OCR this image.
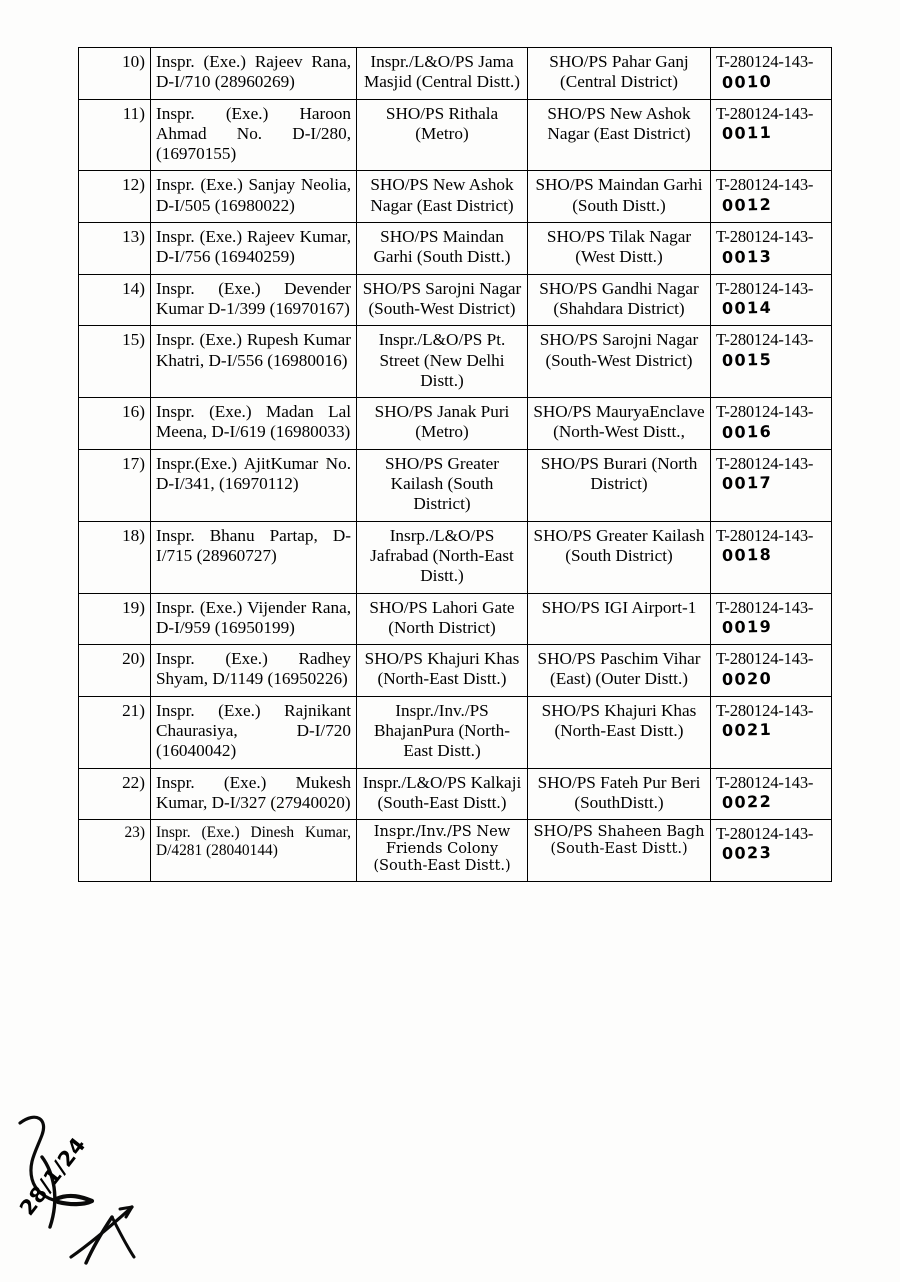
10)	Inspr. (Exe.) Rajeev Rana, D-I/710 (28960269)	Inspr./L&O/PS Jama Masjid (Central Distt.)	SHO/PS Pahar Ganj (Central District)	T-280124-143-
0010

11)	Inspr. (Exe.) Haroon Ahmad No. D-I/280, (16970155)	SHO/PS Rithala (Metro)	SHO/PS New Ashok Nagar (East District)	T-280124-143-
0011

12)	Inspr. (Exe.) Sanjay Neolia, D-I/505 (16980022)	SHO/PS New Ashok Nagar (East District)	SHO/PS Maindan Garhi (South Distt.)	T-280124-143-
0012

13)	Inspr. (Exe.) Rajeev Kumar, D-I/756 (16940259)	SHO/PS Maindan Garhi (South Distt.)	SHO/PS Tilak Nagar (West Distt.)	T-280124-143-
0013

14)	Inspr. (Exe.) Devender Kumar D-1/399 (16970167)	SHO/PS Sarojni Nagar (South-West District)	SHO/PS Gandhi Nagar (Shahdara District)	T-280124-143-
0014

15)	Inspr. (Exe.) Rupesh Kumar Khatri, D-I/556 (16980016)	Inspr./L&O/PS Pt. Street (New Delhi Distt.)	SHO/PS Sarojni Nagar (South-West District)	T-280124-143-
0015

16)	Inspr. (Exe.) Madan Lal Meena, D-I/619 (16980033)	SHO/PS Janak Puri (Metro)	SHO/PS MauryaEnclave (North-West Distt.,	T-280124-143-
0016

17)	Inspr.(Exe.) AjitKumar No. D-I/341, (16970112)	SHO/PS Greater Kailash (South District)	SHO/PS Burari (North District)	T-280124-143-
0017

18)	Inspr. Bhanu Partap, D-I/715 (28960727)	Insrp./L&O/PS Jafrabad (North-East Distt.)	SHO/PS Greater Kailash (South District)	T-280124-143-
0018

19)	Inspr. (Exe.) Vijender Rana, D-I/959 (16950199)	SHO/PS Lahori Gate (North District)	SHO/PS IGI Airport-1	T-280124-143-
0019

20)	Inspr. (Exe.) Radhey Shyam, D/1149 (16950226)	SHO/PS Khajuri Khas (North-East Distt.)	SHO/PS Paschim Vihar (East) (Outer Distt.)	T-280124-143-
0020

21)	Inspr. (Exe.) Rajnikant Chaurasiya, D-I/720 (16040042)	Inspr./Inv./PS BhajanPura (North-East Distt.)	SHO/PS Khajuri Khas (North-East Distt.)	T-280124-143-
0021

22)	Inspr. (Exe.) Mukesh Kumar, D-I/327 (27940020)	Inspr./L&O/PS Kalkaji (South-East Distt.)	SHO/PS Fateh Pur Beri (SouthDistt.)	T-280124-143-
0022

23)	Inspr. (Exe.) Dinesh Kumar, D/4281 (28040144)	Inspr./Inv./PS New Friends Colony (South-East Distt.)	SHO/PS Shaheen Bagh (South-East Distt.)	T-280124-143-
0023
28/1/24
